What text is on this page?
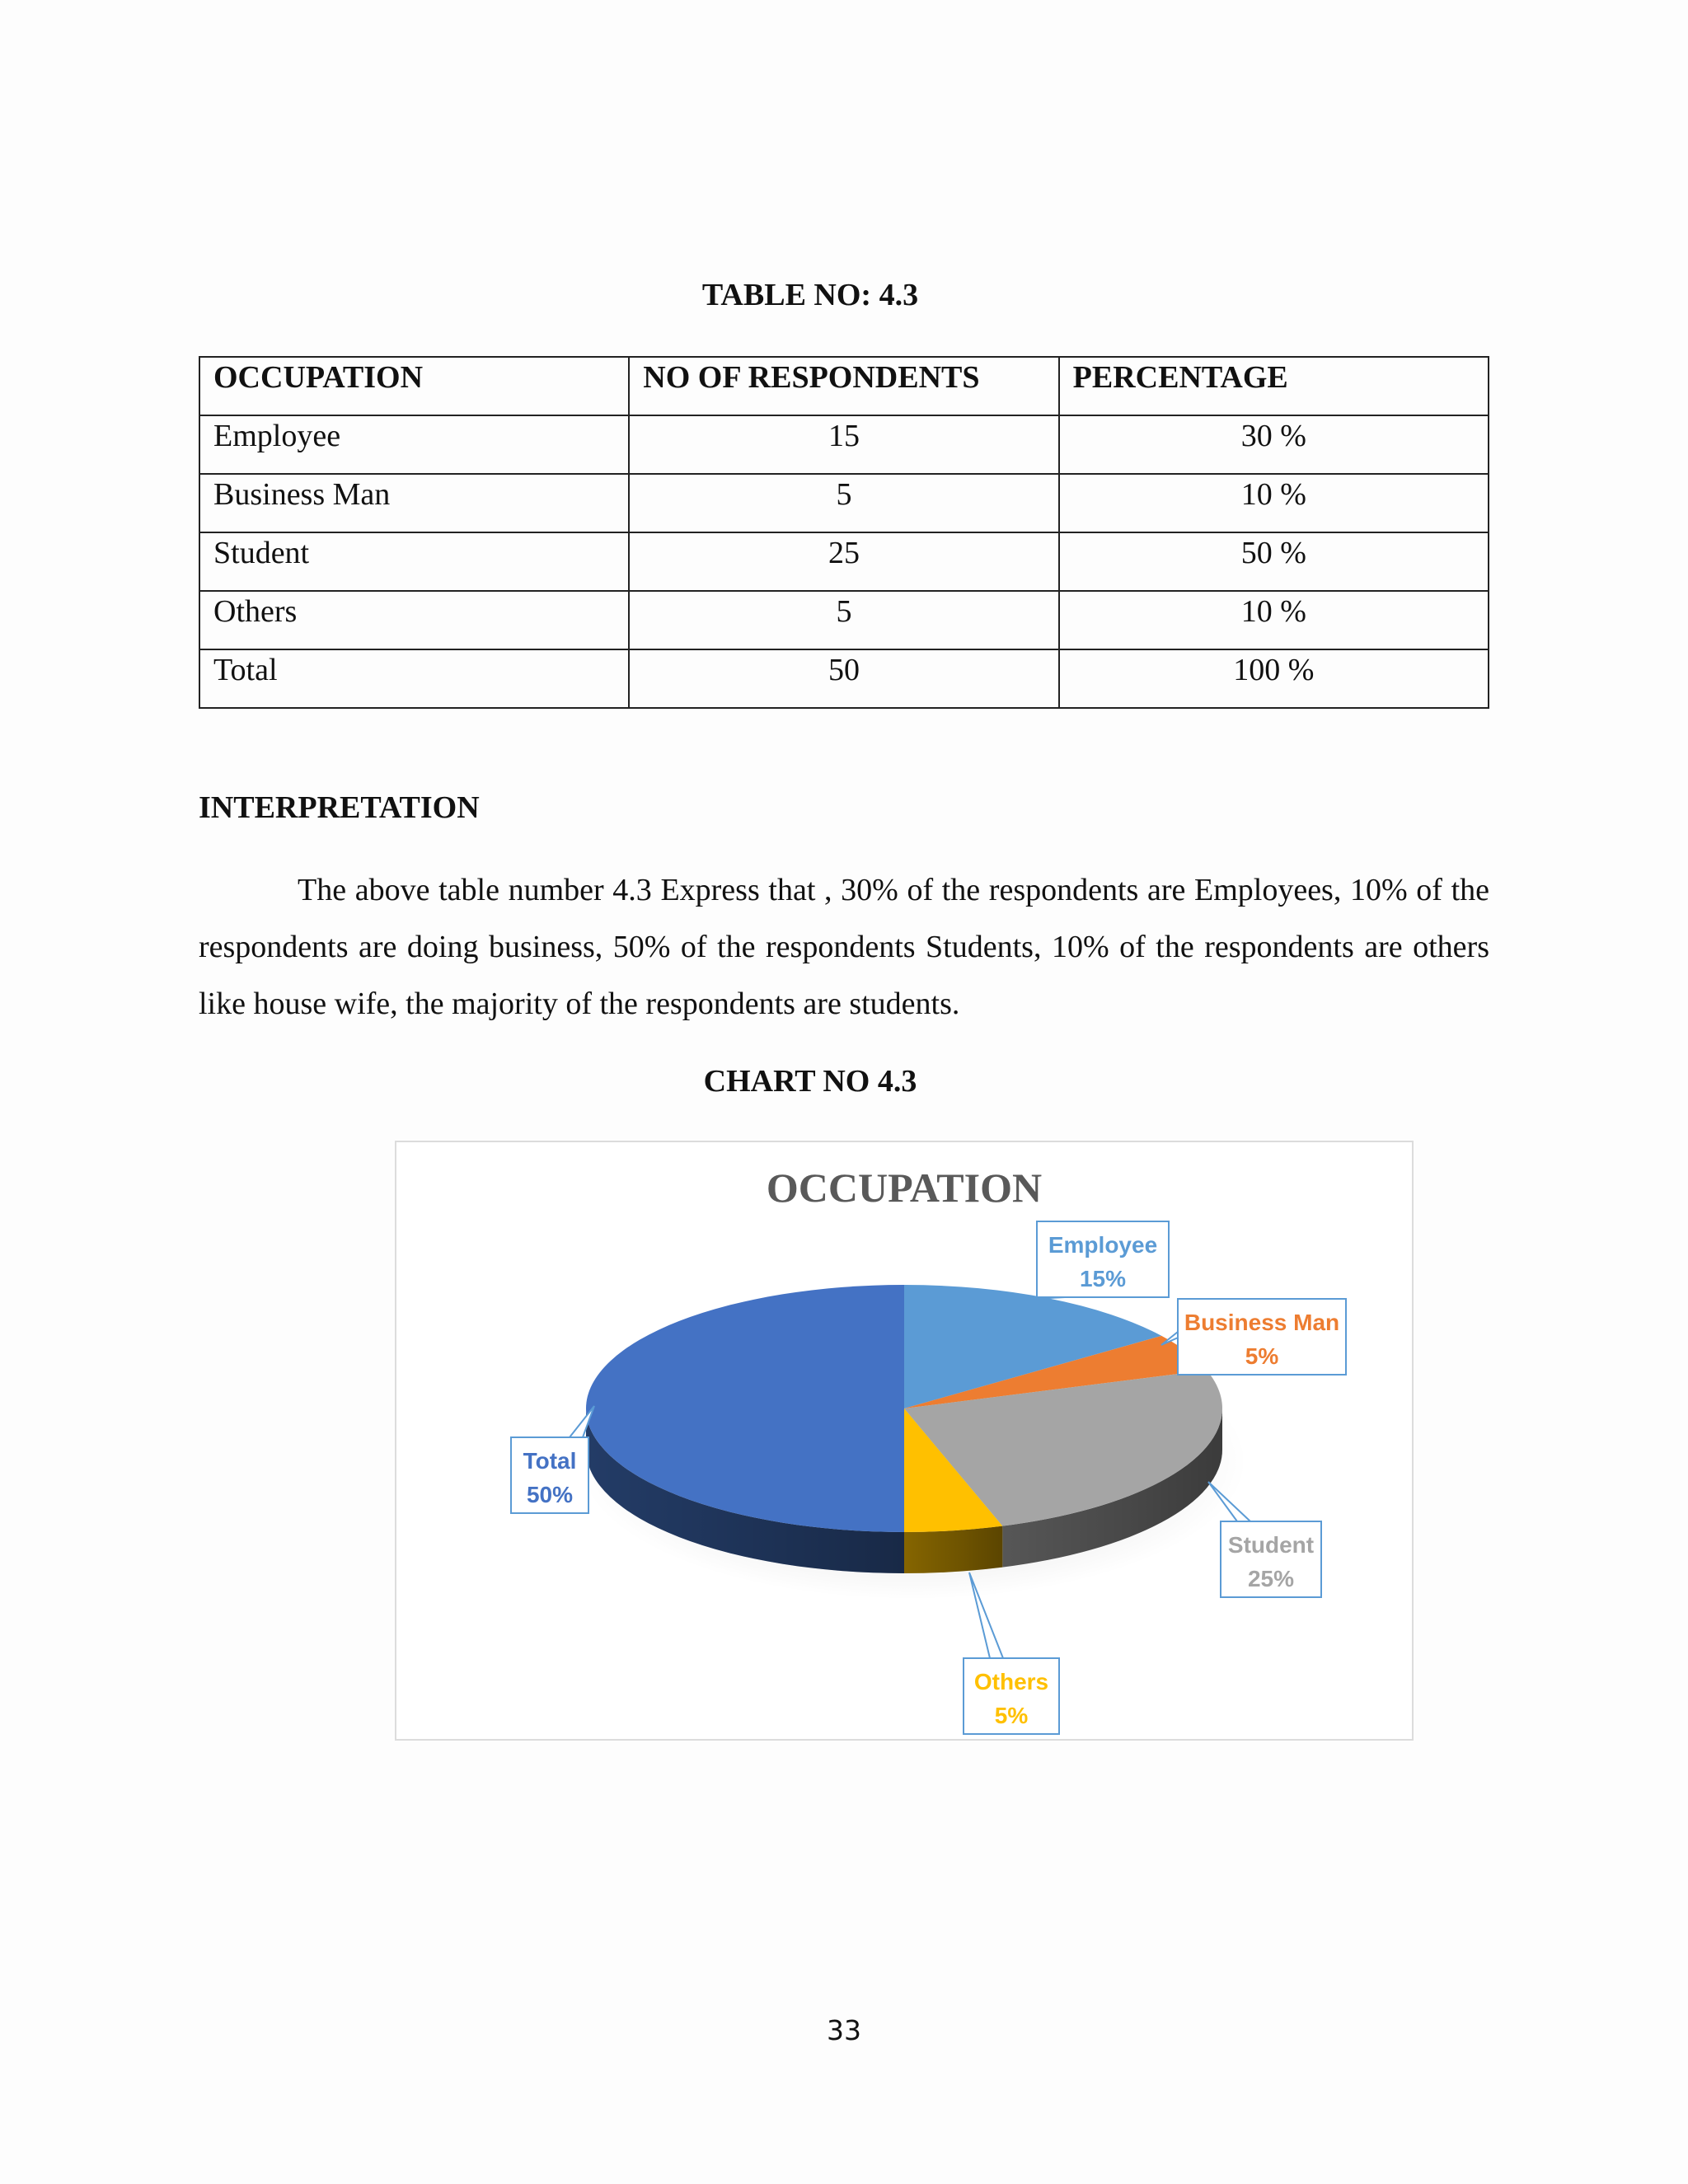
TABLE NO: 4.3
OCCUPATION	NO OF RESPONDENTS	PERCENTAGE
Employee	15	30 %
Business Man	5	10 %
Student	25	50 %
Others	5	10 %
Total	50	100 %
INTERPRETATION
The above table number 4.3 Express that , 30% of the respondents are Employees, 10% of the respondents are doing business, 50% of the respondents Students, 10% of the respondents are others like house wife, the majority of the respondents are students.
CHART NO 4.3
OCCUPATION
Employee
15%
Business Man
5%
Student
25%
Others
5%
Total
50%
33
